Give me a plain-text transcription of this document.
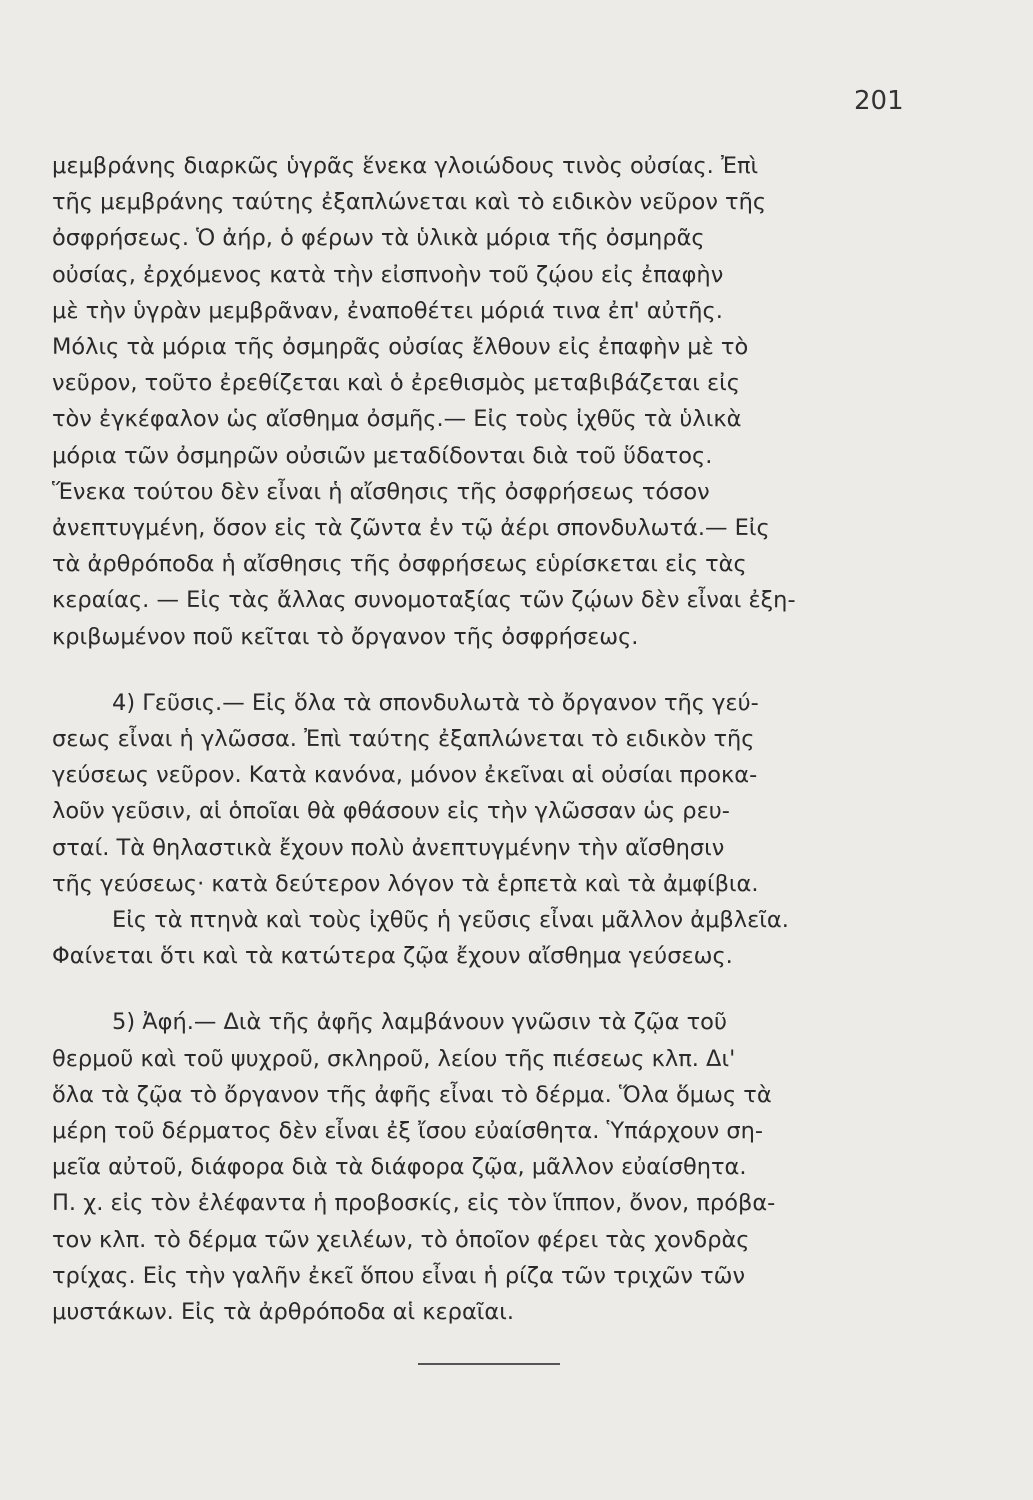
201
μεμβράνης διαρκῶς ὑγρᾶς ἕνεκα γλοιώδους τινὸς οὐσίας. Ἐπὶ
τῆς μεμβράνης ταύτης ἐξαπλώνεται καὶ τὸ ειδικὸν νεῦρον τῆς
ὀσφρήσεως. Ὁ ἀήρ, ὁ φέρων τὰ ὑλικὰ μόρια τῆς ὀσμηρᾶς
οὐσίας, ἐρχόμενος κατὰ τὴν εἰσπνοὴν τοῦ ζῴου εἰς ἐπαφὴν
μὲ τὴν ὑγρὰν μεμβρᾶναν, ἐναποθέτει μόριά τινα ἐπ' αὐτῆς.
Μόλις τὰ μόρια τῆς ὀσμηρᾶς οὐσίας ἔλθουν εἰς ἐπαφὴν μὲ τὸ
νεῦρον, τοῦτο ἐρεθίζεται καὶ ὁ ἐρεθισμὸς μεταβιβάζεται εἰς
τὸν ἐγκέφαλον ὡς αἴσθημα ὀσμῆς.— Εἰς τοὺς ἰχθῦς τὰ ὑλικὰ
μόρια τῶν ὀσμηρῶν οὐσιῶν μεταδίδονται διὰ τοῦ ὕδατος.
Ἕνεκα τούτου δὲν εἶναι ἡ αἴσθησις τῆς ὀσφρήσεως τόσον
ἀνεπτυγμένη, ὅσον εἰς τὰ ζῶντα ἐν τῷ ἀέρι σπονδυλωτά.— Εἰς
τὰ ἀρθρόποδα ἡ αἴσθησις τῆς ὀσφρήσεως εὑρίσκεται εἰς τὰς
κεραίας. — Εἰς τὰς ἄλλας συνομοταξίας τῶν ζῴων δὲν εἶναι ἐξη-
κριβωμένον ποῦ κεῖται τὸ ὄργανον τῆς ὀσφρήσεως.
4) Γεῦσις.— Εἰς ὅλα τὰ σπονδυλωτὰ τὸ ὄργανον τῆς γεύ-
σεως εἶναι ἡ γλῶσσα. Ἐπὶ ταύτης ἐξαπλώνεται τὸ ειδικὸν τῆς
γεύσεως νεῦρον. Κατὰ κανόνα, μόνον ἐκεῖναι αἱ οὐσίαι προκα-
λοῦν γεῦσιν, αἱ ὁποῖαι θὰ φθάσουν εἰς τὴν γλῶσσαν ὡς ρευ-
σταί. Τὰ θηλαστικὰ ἔχουν πολὺ ἀνεπτυγμένην τὴν αἴσθησιν
τῆς γεύσεως· κατὰ δεύτερον λόγον τὰ ἑρπετὰ καὶ τὰ ἀμφίβια.
Εἰς τὰ πτηνὰ καὶ τοὺς ἰχθῦς ἡ γεῦσις εἶναι μᾶλλον ἀμβλεῖα.
Φαίνεται ὅτι καὶ τὰ κατώτερα ζῷα ἔχουν αἴσθημα γεύσεως.
5) Ἀφή.— Διὰ τῆς ἀφῆς λαμβάνουν γνῶσιν τὰ ζῷα τοῦ
θερμοῦ καὶ τοῦ ψυχροῦ, σκληροῦ, λείου τῆς πιέσεως κλπ. Δι'
ὅλα τὰ ζῷα τὸ ὄργανον τῆς ἀφῆς εἶναι τὸ δέρμα. Ὅλα ὅμως τὰ
μέρη τοῦ δέρματος δὲν εἶναι ἐξ ἴσου εὐαίσθητα. Ὑπάρχουν ση-
μεῖα αὐτοῦ, διάφορα διὰ τὰ διάφορα ζῷα, μᾶλλον εὐαίσθητα.
Π. χ. εἰς τὸν ἐλέφαντα ἡ προβοσκίς, εἰς τὸν ἵππον, ὄνον, πρόβα-
τον κλπ. τὸ δέρμα τῶν χειλέων, τὸ ὁποῖον φέρει τὰς χονδρὰς
τρίχας. Εἰς τὴν γαλῆν ἐκεῖ ὅπου εἶναι ἡ ρίζα τῶν τριχῶν τῶν
μυστάκων. Εἰς τὰ ἀρθρόποδα αἱ κεραῖαι.
